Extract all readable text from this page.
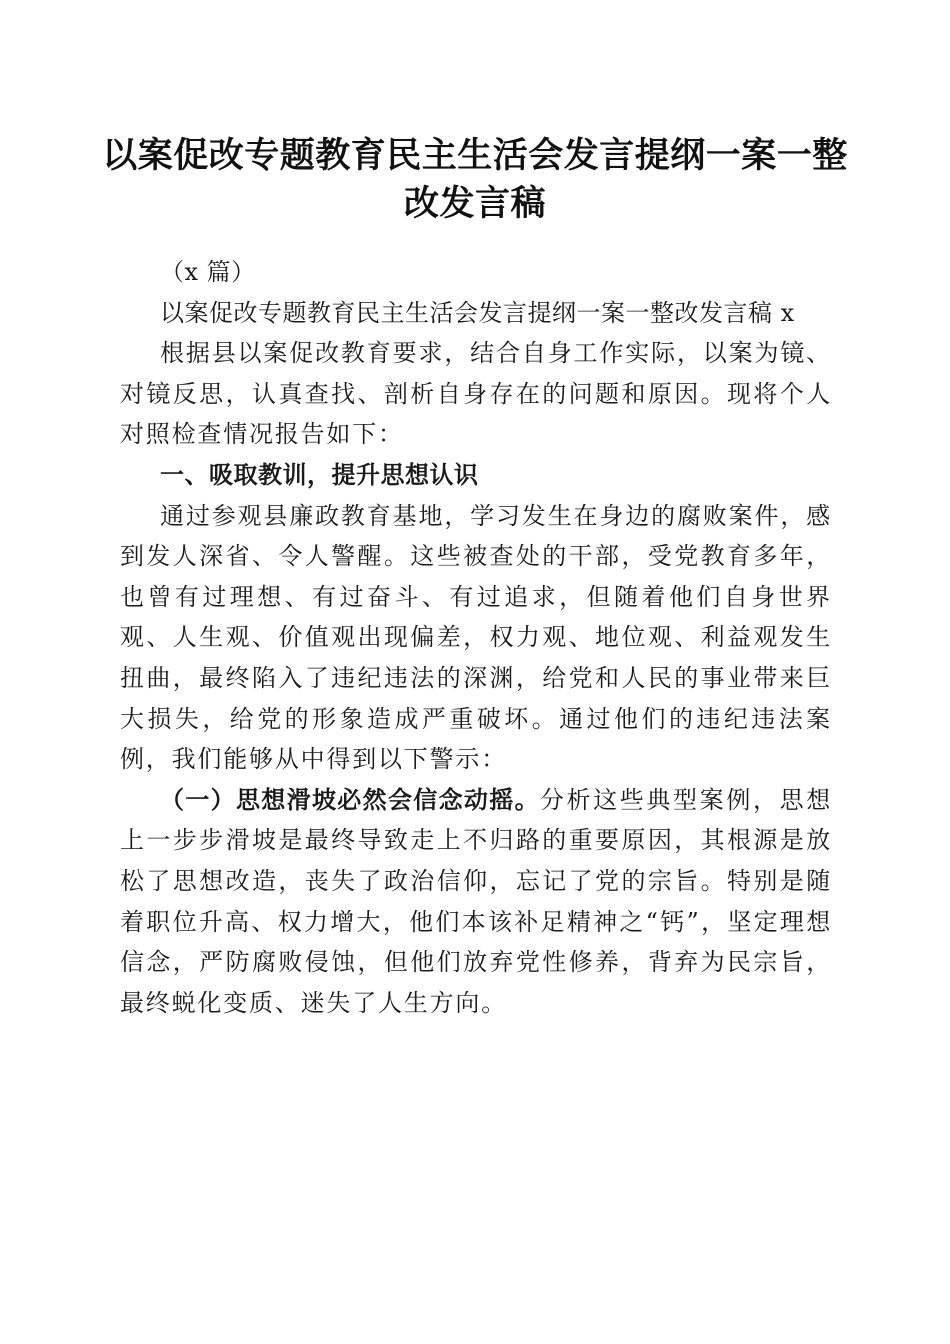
以案促改专题教育民主生活会发言提纲一案一整改发言稿

（x 篇）

以案促改专题教育民主生活会发言提纲一案一整改发言稿 x

根据县以案促改教育要求，结合自身工作实际，以案为镜、对镜反思，认真查找、剖析自身存在的问题和原因。现将个人对照检查情况报告如下：

一、吸取教训，提升思想认识

通过参观县廉政教育基地，学习发生在身边的腐败案件，感到发人深省、令人警醒。这些被查处的干部，受党教育多年，也曾有过理想、有过奋斗、有过追求，但随着他们自身世界观、人生观、价值观出现偏差，权力观、地位观、利益观发生扭曲，最终陷入了违纪违法的深渊，给党和人民的事业带来巨大损失，给党的形象造成严重破坏。通过他们的违纪违法案例，我们能够从中得到以下警示：

（一）思想滑坡必然会信念动摇。分析这些典型案例，思想上一步步滑坡是最终导致走上不归路的重要原因，其根源是放松了思想改造，丧失了政治信仰，忘记了党的宗旨。特别是随着职位升高、权力增大，他们本该补足精神之“钙”，坚定理想信念，严防腐败侵蚀，但他们放弃党性修养，背弃为民宗旨，最终蜕化变质、迷失了人生方向。
